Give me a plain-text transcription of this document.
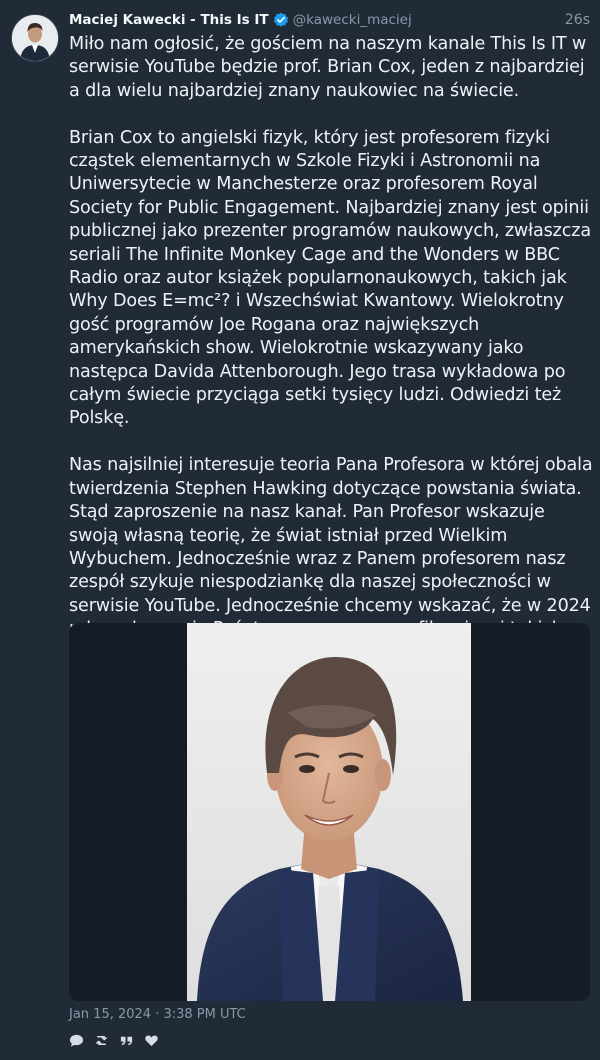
Maciej Kawecki - This Is IT @kawecki_maciej	26s

Miło nam ogłosić, że gościem na naszym kanale This Is IT w serwisie YouTube będzie prof. Brian Cox, jeden z najbardziej a dla wielu najbardziej znany naukowiec na świecie.

Brian Cox to angielski fizyk, który jest profesorem fizyki cząstek elementarnych w Szkole Fizyki i Astronomii na Uniwersytecie w Manchesterze oraz profesorem Royal Society for Public Engagement. Najbardziej znany jest opinii publicznej jako prezenter programów naukowych, zwłaszcza seriali The Infinite Monkey Cage and the Wonders w BBC Radio oraz autor książek popularnonaukowych, takich jak Why Does E=mc²? i Wszechświat Kwantowy. Wielokrotny gość programów Joe Rogana oraz największych amerykańskich show. Wielokrotnie wskazywany jako następca Davida Attenborough. Jego trasa wykładowa po całym świecie przyciąga setki tysięcy ludzi. Odwiedzi też Polskę.

Nas najsilniej interesuje teoria Pana Profesora w której obala twierdzenia Stephen Hawking dotyczące powstania świata. Stąd zaproszenie na nasz kanał. Pan Profesor wskazuje swoją własną teorię, że świat istniał przed Wielkim Wybuchem. Jednocześnie wraz z Panem profesorem nasz zespół szykuje niespodziankę dla naszej społeczności w serwisie YouTube. Jednocześnie chcemy wskazać, że w 2024

Jan 15, 2024 · 3:38 PM UTC
